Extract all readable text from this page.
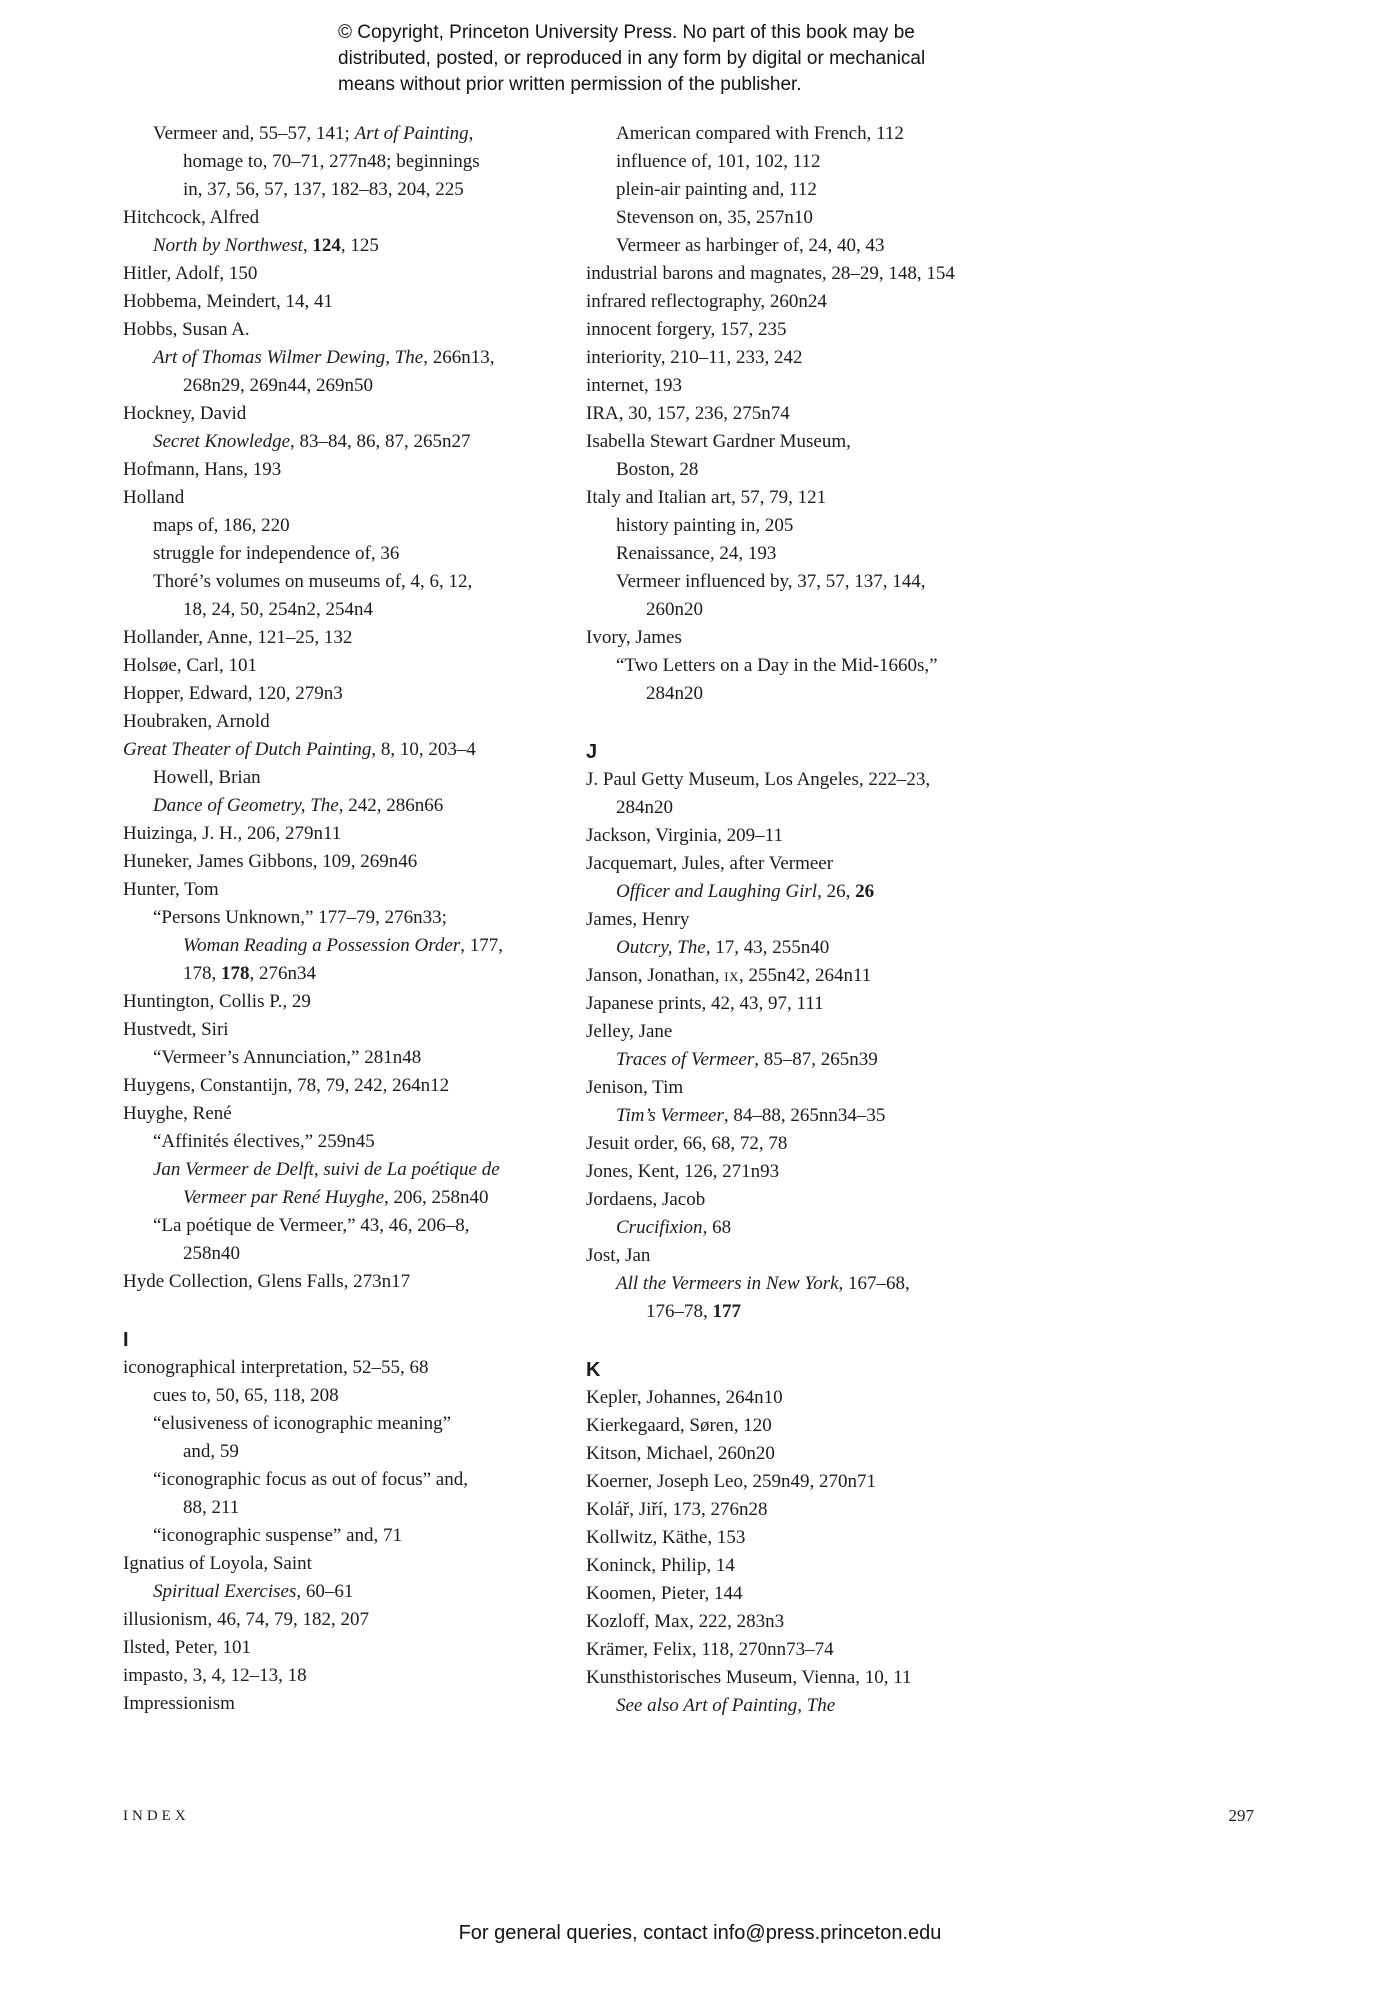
© Copyright, Princeton University Press. No part of this book may be
distributed, posted, or reproduced in any form by digital or mechanical
means without prior written permission of the publisher.
Vermeer and, 55–57, 141; Art of Painting,
homage to, 70–71, 277n48; beginnings
in, 37, 56, 57, 137, 182–83, 204, 225
Hitchcock, Alfred
North by Northwest, 124, 125
Hitler, Adolf, 150
Hobbema, Meindert, 14, 41
Hobbs, Susan A.
Art of Thomas Wilmer Dewing, The, 266n13,
268n29, 269n44, 269n50
Hockney, David
Secret Knowledge, 83–84, 86, 87, 265n27
Hofmann, Hans, 193
Holland
maps of, 186, 220
struggle for independence of, 36
Thoré’s volumes on museums of, 4, 6, 12,
18, 24, 50, 254n2, 254n4
Hollander, Anne, 121–25, 132
Holsøe, Carl, 101
Hopper, Edward, 120, 279n3
Houbraken, Arnold
Great Theater of Dutch Painting, 8, 10, 203–4
Howell, Brian
Dance of Geometry, The, 242, 286n66
Huizinga, J. H., 206, 279n11
Huneker, James Gibbons, 109, 269n46
Hunter, Tom
“Persons Unknown,” 177–79, 276n33;
Woman Reading a Possession Order, 177,
178, 178, 276n34
Huntington, Collis P., 29
Hustvedt, Siri
“Vermeer’s Annunciation,” 281n48
Huygens, Constantijn, 78, 79, 242, 264n12
Huyghe, René
“Affinités électives,” 259n45
Jan Vermeer de Delft, suivi de La poétique de
Vermeer par René Huyghe, 206, 258n40
“La poétique de Vermeer,” 43, 46, 206–8,
258n40
Hyde Collection, Glens Falls, 273n17
I
iconographical interpretation, 52–55, 68
cues to, 50, 65, 118, 208
“elusiveness of iconographic meaning”
and, 59
“iconographic focus as out of focus” and,
88, 211
“iconographic suspense” and, 71
Ignatius of Loyola, Saint
Spiritual Exercises, 60–61
illusionism, 46, 74, 79, 182, 207
Ilsted, Peter, 101
impasto, 3, 4, 12–13, 18
Impressionism
American compared with French, 112
influence of, 101, 102, 112
plein-air painting and, 112
Stevenson on, 35, 257n10
Vermeer as harbinger of, 24, 40, 43
industrial barons and magnates, 28–29, 148, 154
infrared reflectography, 260n24
innocent forgery, 157, 235
interiority, 210–11, 233, 242
internet, 193
IRA, 30, 157, 236, 275n74
Isabella Stewart Gardner Museum,
Boston, 28
Italy and Italian art, 57, 79, 121
history painting in, 205
Renaissance, 24, 193
Vermeer influenced by, 37, 57, 137, 144,
260n20
Ivory, James
“Two Letters on a Day in the Mid-1660s,”
284n20
J
J. Paul Getty Museum, Los Angeles, 222–23,
284n20
Jackson, Virginia, 209–11
Jacquemart, Jules, after Vermeer
Officer and Laughing Girl, 26, 26
James, Henry
Outcry, The, 17, 43, 255n40
Janson, Jonathan, ix, 255n42, 264n11
Japanese prints, 42, 43, 97, 111
Jelley, Jane
Traces of Vermeer, 85–87, 265n39
Jenison, Tim
Tim’s Vermeer, 84–88, 265nn34–35
Jesuit order, 66, 68, 72, 78
Jones, Kent, 126, 271n93
Jordaens, Jacob
Crucifixion, 68
Jost, Jan
All the Vermeers in New York, 167–68,
176–78, 177
K
Kepler, Johannes, 264n10
Kierkegaard, Søren, 120
Kitson, Michael, 260n20
Koerner, Joseph Leo, 259n49, 270n71
Kolář, Jiří, 173, 276n28
Kollwitz, Käthe, 153
Koninck, Philip, 14
Koomen, Pieter, 144
Kozloff, Max, 222, 283n3
Krämer, Felix, 118, 270nn73–74
Kunsthistorisches Museum, Vienna, 10, 11
See also Art of Painting, The
INDEX	297
For general queries, contact info@press.princeton.edu
